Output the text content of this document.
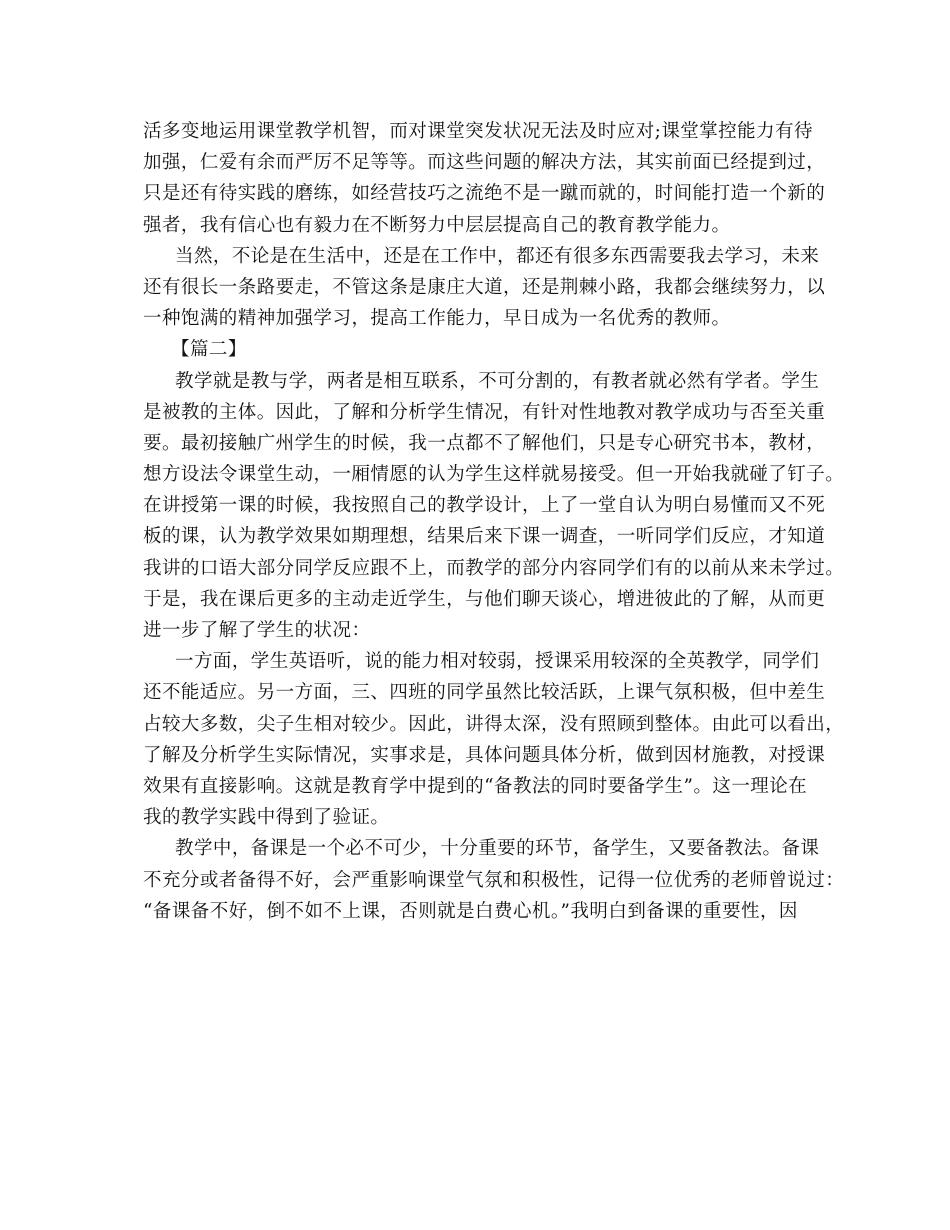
活多变地运用课堂教学机智，而对课堂突发状况无法及时应对;课堂掌控能力有待
加强，仁爱有余而严厉不足等等。而这些问题的解决方法，其实前面已经提到过，
只是还有待实践的磨练，如经营技巧之流绝不是一蹴而就的，时间能打造一个新的
强者，我有信心也有毅力在不断努力中层层提高自己的教育教学能力。
当然，不论是在生活中，还是在工作中，都还有很多东西需要我去学习，未来
还有很长一条路要走，不管这条是康庄大道，还是荆棘小路，我都会继续努力，以
一种饱满的精神加强学习，提高工作能力，早日成为一名优秀的教师。
【篇二】
教学就是教与学，两者是相互联系，不可分割的，有教者就必然有学者。学生
是被教的主体。因此，了解和分析学生情况，有针对性地教对教学成功与否至关重
要。最初接触广州学生的时候，我一点都不了解他们，只是专心研究书本，教材，
想方设法令课堂生动，一厢情愿的认为学生这样就易接受。但一开始我就碰了钉子。
在讲授第一课的时候，我按照自己的教学设计，上了一堂自认为明白易懂而又不死
板的课，认为教学效果如期理想，结果后来下课一调查，一听同学们反应，才知道
我讲的口语大部分同学反应跟不上，而教学的部分内容同学们有的以前从来未学过。
于是，我在课后更多的主动走近学生，与他们聊天谈心，增进彼此的了解，从而更
进一步了解了学生的状况：
一方面，学生英语听，说的能力相对较弱，授课采用较深的全英教学，同学们
还不能适应。另一方面，三、四班的同学虽然比较活跃，上课气氛积极，但中差生
占较大多数，尖子生相对较少。因此，讲得太深，没有照顾到整体。由此可以看出，
了解及分析学生实际情况，实事求是，具体问题具体分析，做到因材施教，对授课
效果有直接影响。这就是教育学中提到的“备教法的同时要备学生”。这一理论在
我的教学实践中得到了验证。
教学中，备课是一个必不可少，十分重要的环节，备学生，又要备教法。备课
不充分或者备得不好，会严重影响课堂气氛和积极性，记得一位优秀的老师曾说过：
“备课备不好，倒不如不上课，否则就是白费心机。”我明白到备课的重要性，因
